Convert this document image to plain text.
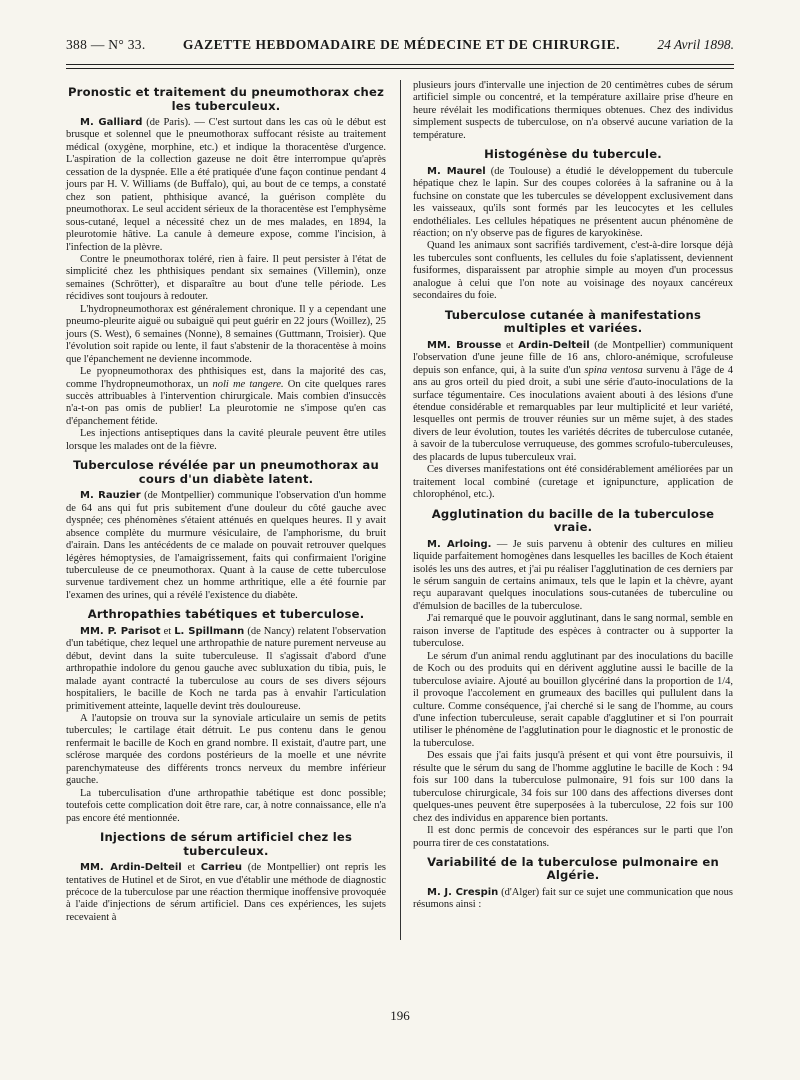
388 — N° 33.	GAZETTE HEBDOMADAIRE DE MÉDECINE ET DE CHIRURGIE.	24 Avril 1898.
Pronostic et traitement du pneumothorax chez les tuberculeux.

M. Galliard (de Paris). — C'est surtout dans les cas où le début est brusque et solennel que le pneumothorax suffocant résiste au traitement médical (oxygène, morphine, etc.) et indique la thoracentèse d'urgence. L'aspiration de la collection gazeuse ne doit être interrompue qu'après cessation de la dyspnée. Elle a été pratiquée d'une façon continue pendant 4 jours par H. V. Williams (de Buffalo), qui, au bout de ce temps, a constaté chez son patient, phthisique avancé, la guérison complète du pneumothorax. Le seul accident sérieux de la thoracentèse est l'emphysème sous-cutané, lequel a nécessité chez un de mes malades, en 1894, la pleurotomie hâtive. La canule à demeure expose, comme l'incision, à l'infection de la plèvre.

Contre le pneumothorax toléré, rien à faire. Il peut persister à l'état de simplicité chez les phthisiques pendant six semaines (Villemin), onze semaines (Schrötter), et disparaître au bout d'une telle période. Les récidives sont toujours à redouter.

L'hydropneumothorax est généralement chronique. Il y a cependant une pneumo-pleurite aiguë ou subaiguë qui peut guérir en 22 jours (Woillez), 25 jours (S. West), 6 semaines (Nonne), 8 semaines (Guttmann, Troisier). Que l'évolution soit rapide ou lente, il faut s'abstenir de la thoracentèse à moins que l'épanchement ne devienne incommode.

Le pyopneumothorax des phthisiques est, dans la majorité des cas, comme l'hydropneumothorax, un noli me tangere. On cite quelques rares succès attribuables à l'intervention chirurgicale. Mais combien d'insuccès n'a-t-on pas omis de publier! La pleurotomie ne s'impose qu'en cas d'épanchement fétide.

Les injections antiseptiques dans la cavité pleurale peuvent être utiles lorsque les malades ont de la fièvre.

Tuberculose révélée par un pneumothorax au cours d'un diabète latent.

M. Rauzier (de Montpellier) communique l'observation d'un homme de 64 ans qui fut pris subitement d'une douleur du côté gauche avec dyspnée; ces phénomènes s'étaient atténués en quelques heures. Il y avait absence complète du murmure vésiculaire, de l'amphorisme, du bruit d'airain. Dans les antécédents de ce malade on pouvait retrouver quelques légères hémoptysies, de l'amaigrissement, faits qui confirmaient l'origine tuberculeuse de ce pneumothorax. Quant à la cause de cette tuberculose survenue tardivement chez un homme arthritique, elle a été fournie par l'examen des urines, qui a révélé l'existence du diabète.

Arthropathies tabétiques et tuberculose.

MM. P. Parisot et L. Spillmann (de Nancy) relatent l'observation d'un tabétique, chez lequel une arthropathie de nature purement nerveuse au début, devint dans la suite tuberculeuse. Il s'agissait d'abord d'une arthropathie indolore du genou gauche avec subluxation du tibia, puis, le malade ayant contracté la tuberculose au cours de ses divers séjours hospitaliers, le bacille de Koch ne tarda pas à envahir l'articulation primitivement atteinte, laquelle devint très douloureuse.

A l'autopsie on trouva sur la synoviale articulaire un semis de petits tubercules; le cartilage était détruit. Le pus contenu dans le genou renfermait le bacille de Koch en grand nombre. Il existait, d'autre part, une sclérose marquée des cordons postérieurs de la moelle et une névrite parenchymateuse des différents troncs nerveux du membre inférieur gauche.

La tuberculisation d'une arthropathie tabétique est donc possible; toutefois cette complication doit être rare, car, à notre connaissance, elle n'a pas encore été mentionnée.

Injections de sérum artificiel chez les tuberculeux.

MM. Ardin-Delteil et Carrieu (de Montpellier) ont repris les tentatives de Hutinel et de Sirot, en vue d'établir une méthode de diagnostic précoce de la tuberculose par une réaction thermique inoffensive provoquée à l'aide d'injections de sérum artificiel. Dans ces expériences, les sujets recevaient à

plusieurs jours d'intervalle une injection de 20 centimètres cubes de sérum artificiel simple ou concentré, et la température axillaire prise d'heure en heure révélait les modifications thermiques obtenues. Chez des individus simplement suspects de tuberculose, on n'a observé aucune variation de la température.

Histogénèse du tubercule.

M. Maurel (de Toulouse) a étudié le développement du tubercule hépatique chez le lapin. Sur des coupes colorées à la safranine ou à la fuchsine on constate que les tubercules se développent exclusivement dans les vaisseaux, qu'ils sont formés par les leucocytes et les cellules endothéliales. Les cellules hépatiques ne présentent aucun phénomène de réaction; on n'y observe pas de figures de karyokinèse.

Quand les animaux sont sacrifiés tardivement, c'est-à-dire lorsque déjà les tubercules sont confluents, les cellules du foie s'aplatissent, deviennent fusiformes, disparaissent par atrophie simple au moyen d'un processus analogue à celui que l'on note au voisinage des noyaux cancéreux secondaires du foie.

Tuberculose cutanée à manifestations multiples et variées.

MM. Brousse et Ardin-Delteil (de Montpellier) communiquent l'observation d'une jeune fille de 16 ans, chloro-anémique, scrofuleuse depuis son enfance, qui, à la suite d'un spina ventosa survenu à l'âge de 4 ans au gros orteil du pied droit, a subi une série d'auto-inoculations de la surface tégumentaire. Ces inoculations avaient abouti à des lésions d'une étendue considérable et remarquables par leur multiplicité et leur variété, lesquelles ont permis de trouver réunies sur un même sujet, à des stades divers de leur évolution, toutes les variétés décrites de tuberculose cutanée, à savoir de la tuberculose verruqueuse, des gommes scrofulo-tuberculeuses, des placards de lupus tuberculeux vrai.

Ces diverses manifestations ont été considérablement améliorées par un traitement local combiné (curetage et ignipuncture, application de chlorophénol, etc.).

Agglutination du bacille de la tuberculose vraie.

M. Arloing. — Je suis parvenu à obtenir des cultures en milieu liquide parfaitement homogènes dans lesquelles les bacilles de Koch étaient isolés les uns des autres, et j'ai pu réaliser l'agglutination de ces derniers par le sérum sanguin de certains animaux, tels que le lapin et la chèvre, ayant reçu auparavant quelques inoculations sous-cutanées de tuberculine ou d'émulsion de bacilles de la tuberculose.

J'ai remarqué que le pouvoir agglutinant, dans le sang normal, semble en raison inverse de l'aptitude des espèces à contracter ou à supporter la tuberculose.

Le sérum d'un animal rendu agglutinant par des inoculations du bacille de Koch ou des produits qui en dérivent agglutine aussi le bacille de la tuberculose aviaire. Ajouté au bouillon glycériné dans la proportion de 1/4, il provoque l'accolement en grumeaux des bacilles qui pullulent dans la culture. Comme conséquence, j'ai cherché si le sang de l'homme, au cours d'une infection tuberculeuse, serait capable d'agglutiner et si l'on pourrait utiliser le phénomène de l'agglutination pour le diagnostic et le pronostic de la tuberculose.

Des essais que j'ai faits jusqu'à présent et qui vont être poursuivis, il résulte que le sérum du sang de l'homme agglutine le bacille de Koch : 94 fois sur 100 dans la tuberculose pulmonaire, 91 fois sur 100 dans la tuberculose chirurgicale, 34 fois sur 100 dans des affections diverses dont quelques-unes peuvent être superposées à la tuberculose, 22 fois sur 100 chez des individus en apparence bien portants.

Il est donc permis de concevoir des espérances sur le parti que l'on pourra tirer de ces constatations.

Variabilité de la tuberculose pulmonaire en Algérie.

M. J. Crespin (d'Alger) fait sur ce sujet une communication que nous résumons ainsi :

196
